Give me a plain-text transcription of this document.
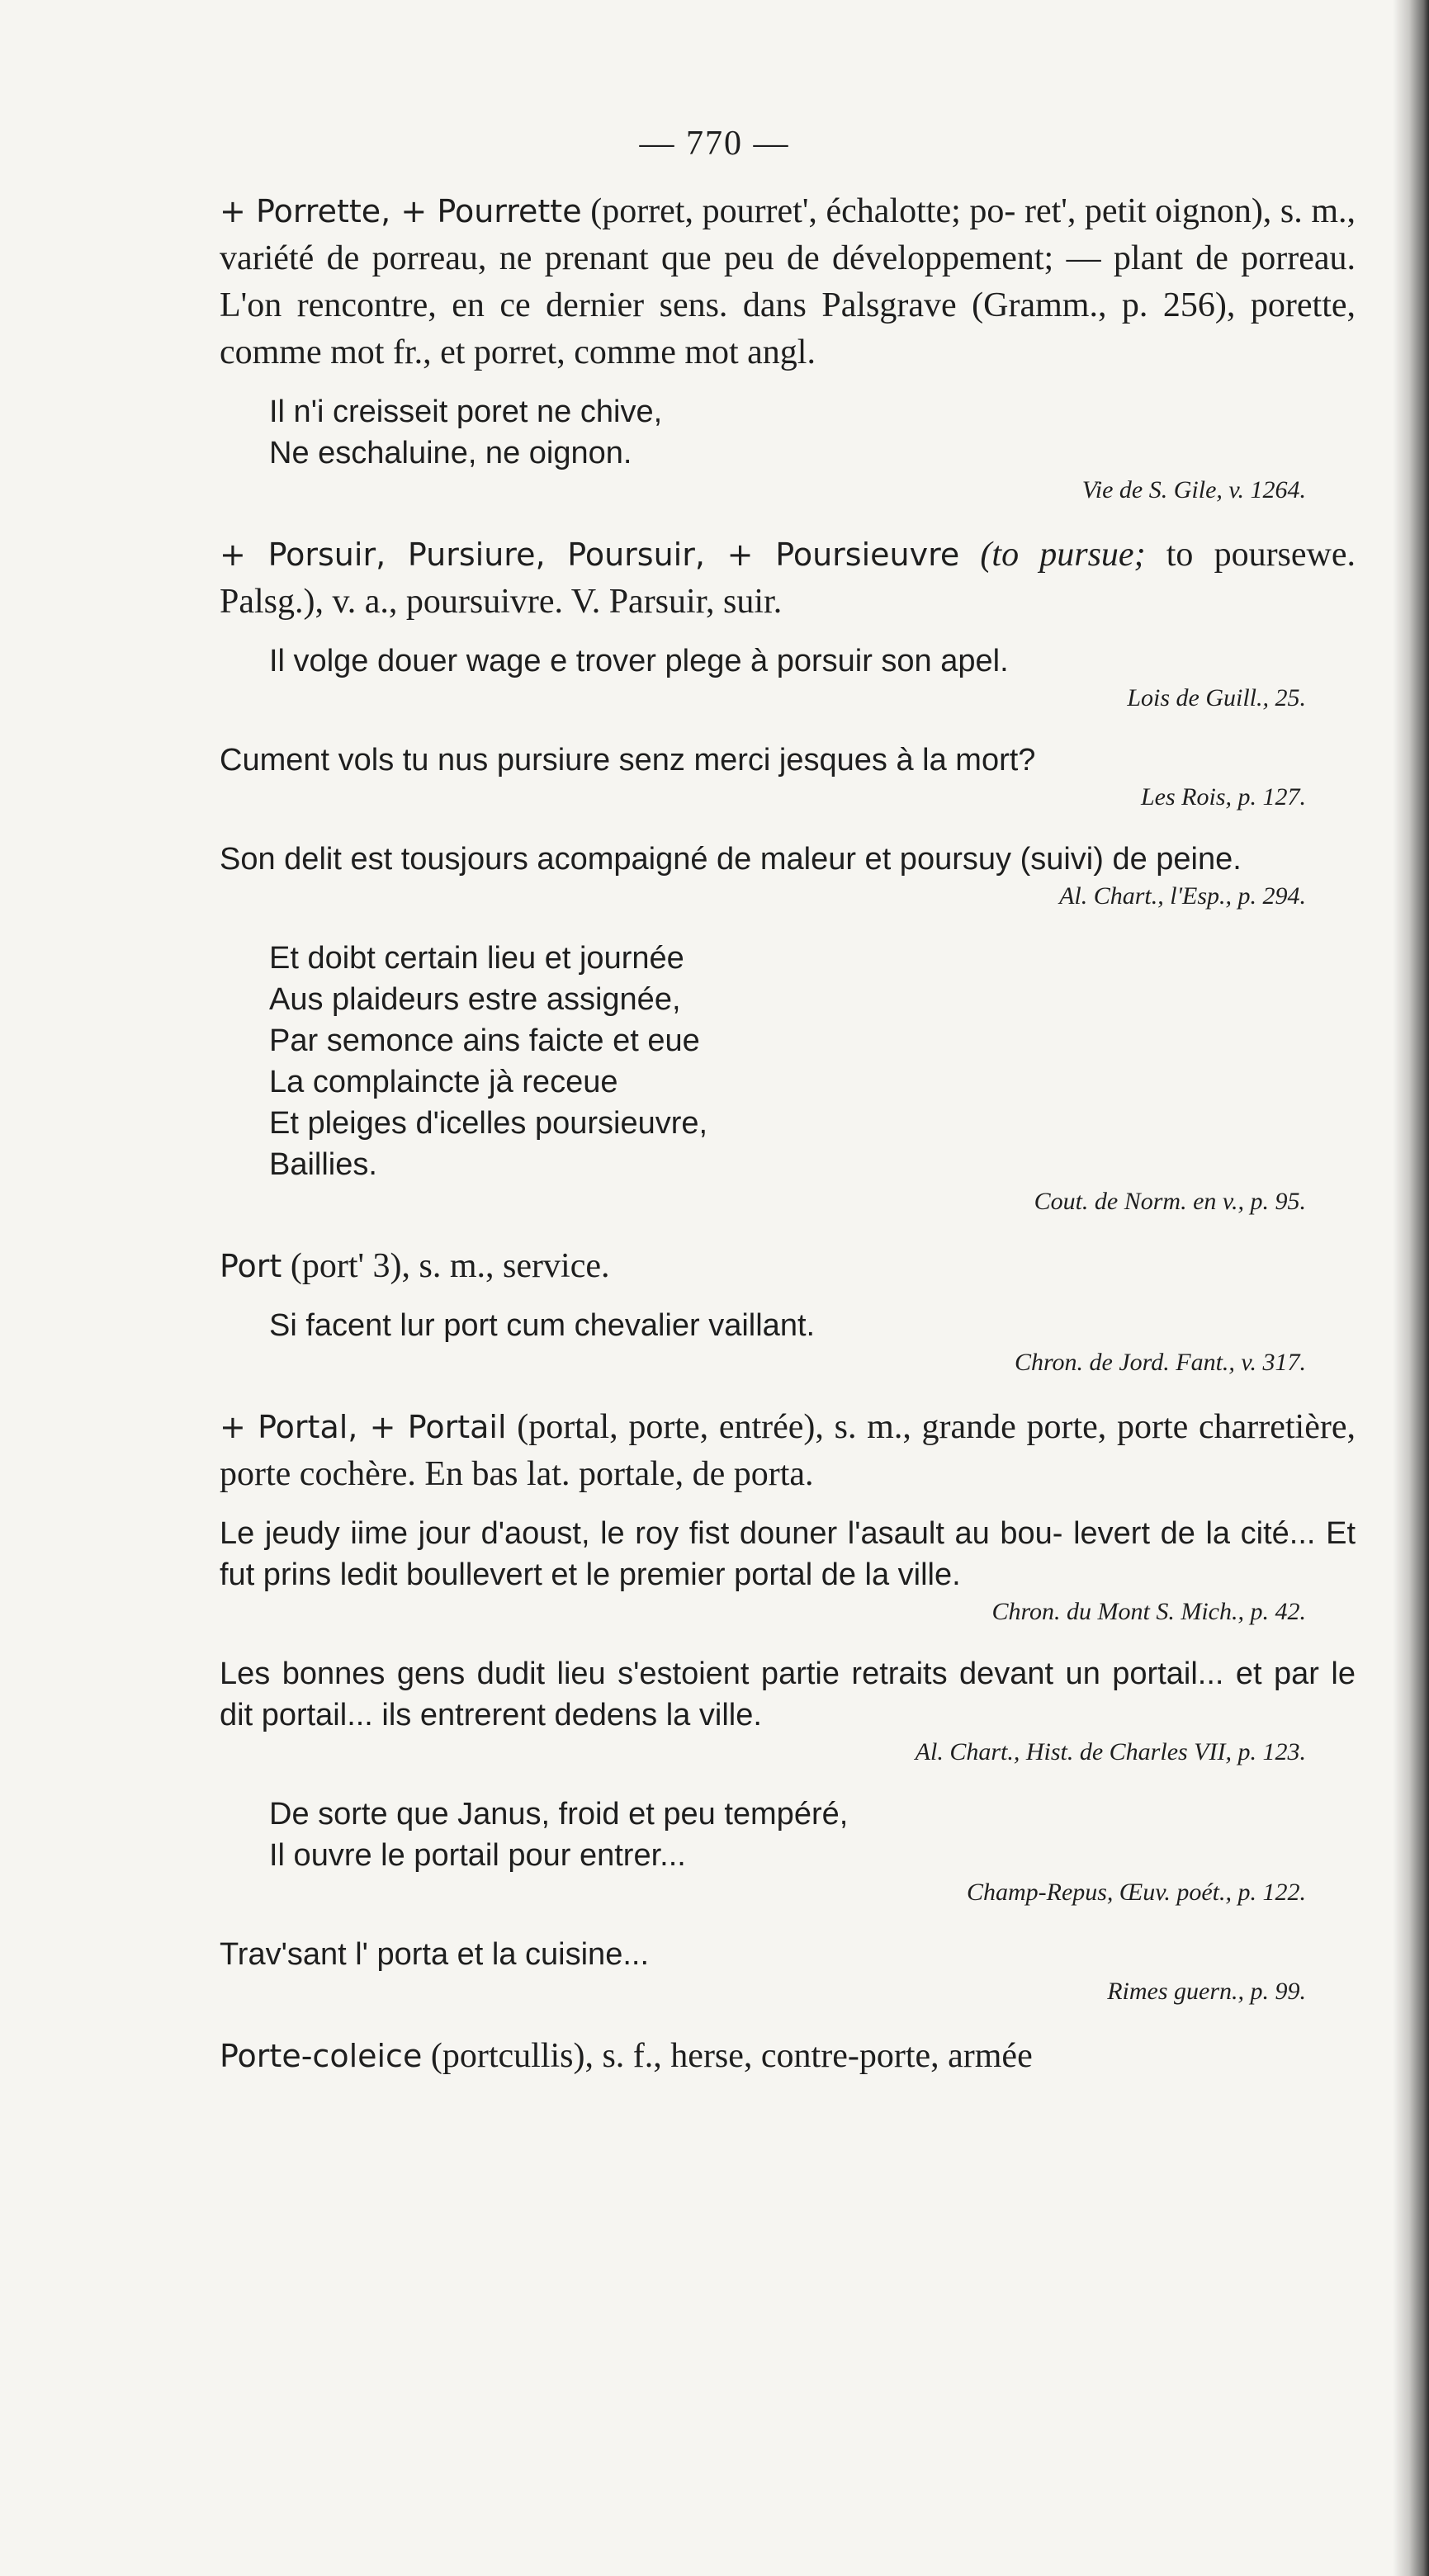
— 770 —
+ Porrette, + Pourrette (porret, pourret', échalotte; po- ret', petit oignon), s. m., variété de porreau, ne prenant que peu de développement; — plant de porreau. L'on rencontre, en ce dernier sens. dans Palsgrave (Gramm., p. 256), porette, comme mot fr., et porret, comme mot angl.
Il n'i creisseit poret ne chive,
Ne eschaluine, ne oignon.
Vie de S. Gile, v. 1264.
+ Porsuir, Pursiure, Poursuir, + Poursieuvre (to pursue; to poursewe. Palsg.), v. a., poursuivre. V. Parsuir, suir.
Il volge douer wage e trover plege à porsuir son apel.
Lois de Guill., 25.
Cument vols tu nus pursiure senz merci jesques à la mort?
Les Rois, p. 127.
Son delit est tousjours acompaigné de maleur et poursuy (suivi) de peine.
Al. Chart., l'Esp., p. 294.
Et doibt certain lieu et journée
Aus plaideurs estre assignée,
Par semonce ains faicte et eue
La complaincte jà receue
Et pleiges d'icelles poursieuvre,
Baillies.
Cout. de Norm. en v., p. 95.
Port (port' 3), s. m., service.
Si facent lur port cum chevalier vaillant.
Chron. de Jord. Fant., v. 317.
+ Portal, + Portail (portal, porte, entrée), s. m., grande porte, porte charretière, porte cochère. En bas lat. portale, de porta.
Le jeudy iime jour d'aoust, le roy fist douner l'asault au bou- levert de la cité... Et fut prins ledit boullevert et le premier portal de la ville.
Chron. du Mont S. Mich., p. 42.
Les bonnes gens dudit lieu s'estoient partie retraits devant un portail... et par le dit portail... ils entrerent dedens la ville.
Al. Chart., Hist. de Charles VII, p. 123.
De sorte que Janus, froid et peu tempéré,
Il ouvre le portail pour entrer...
Champ-Repus, Œuv. poét., p. 122.
Trav'sant l' porta et la cuisine...
Rimes guern., p. 99.
Porte-coleice (portcullis), s. f., herse, contre-porte, armée
